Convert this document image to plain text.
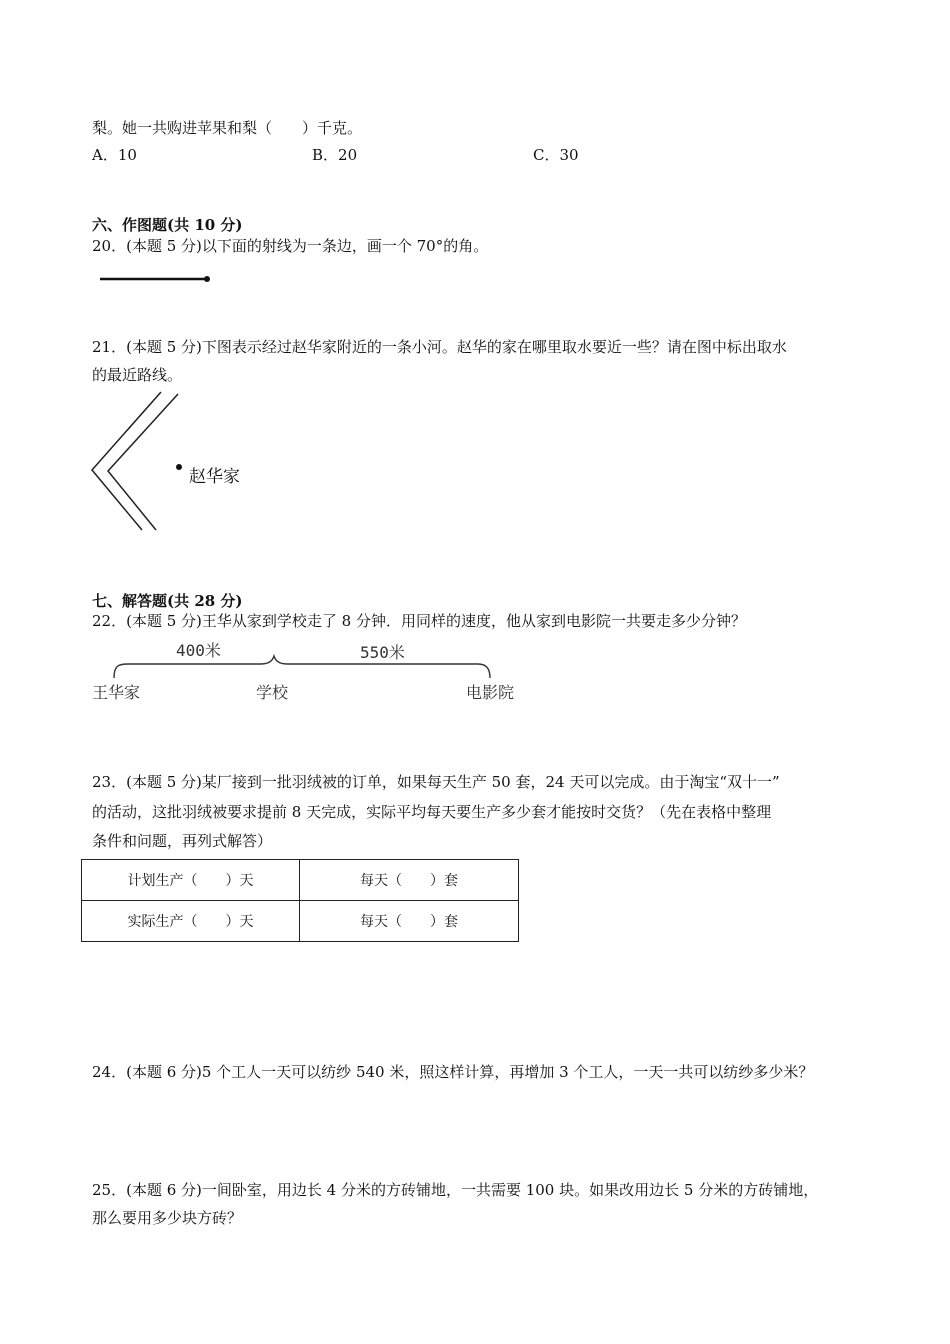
梨。她一共购进苹果和梨（　　）千克。
A．10	B．20	C．30
六、作图题(共 10 分)
20．(本题 5 分)以下面的射线为一条边，画一个 70°的角。
21．(本题 5 分)下图表示经过赵华家附近的一条小河。赵华的家在哪里取水要近一些？请在图中标出取水
的最近路线。
赵华家
七、解答题(共 28 分)
22．(本题 5 分)王华从家到学校走了 8 分钟．用同样的速度，他从家到电影院一共要走多少分钟？
400米	550米
王华家	学校	电影院
23．(本题 5 分)某厂接到一批羽绒被的订单，如果每天生产 50 套，24 天可以完成。由于淘宝“双十一”
的活动，这批羽绒被要求提前 8 天完成，实际平均每天要生产多少套才能按时交货？（先在表格中整理
条件和问题，再列式解答）
计划生产（　　）天	每天（　　）套
实际生产（　　）天	每天（　　）套
24．(本题 6 分)5 个工人一天可以纺纱 540 米，照这样计算，再增加 3 个工人，一天一共可以纺纱多少米？
25．(本题 6 分)一间卧室，用边长 4 分米的方砖铺地，一共需要 100 块。如果改用边长 5 分米的方砖铺地，
那么要用多少块方砖？
